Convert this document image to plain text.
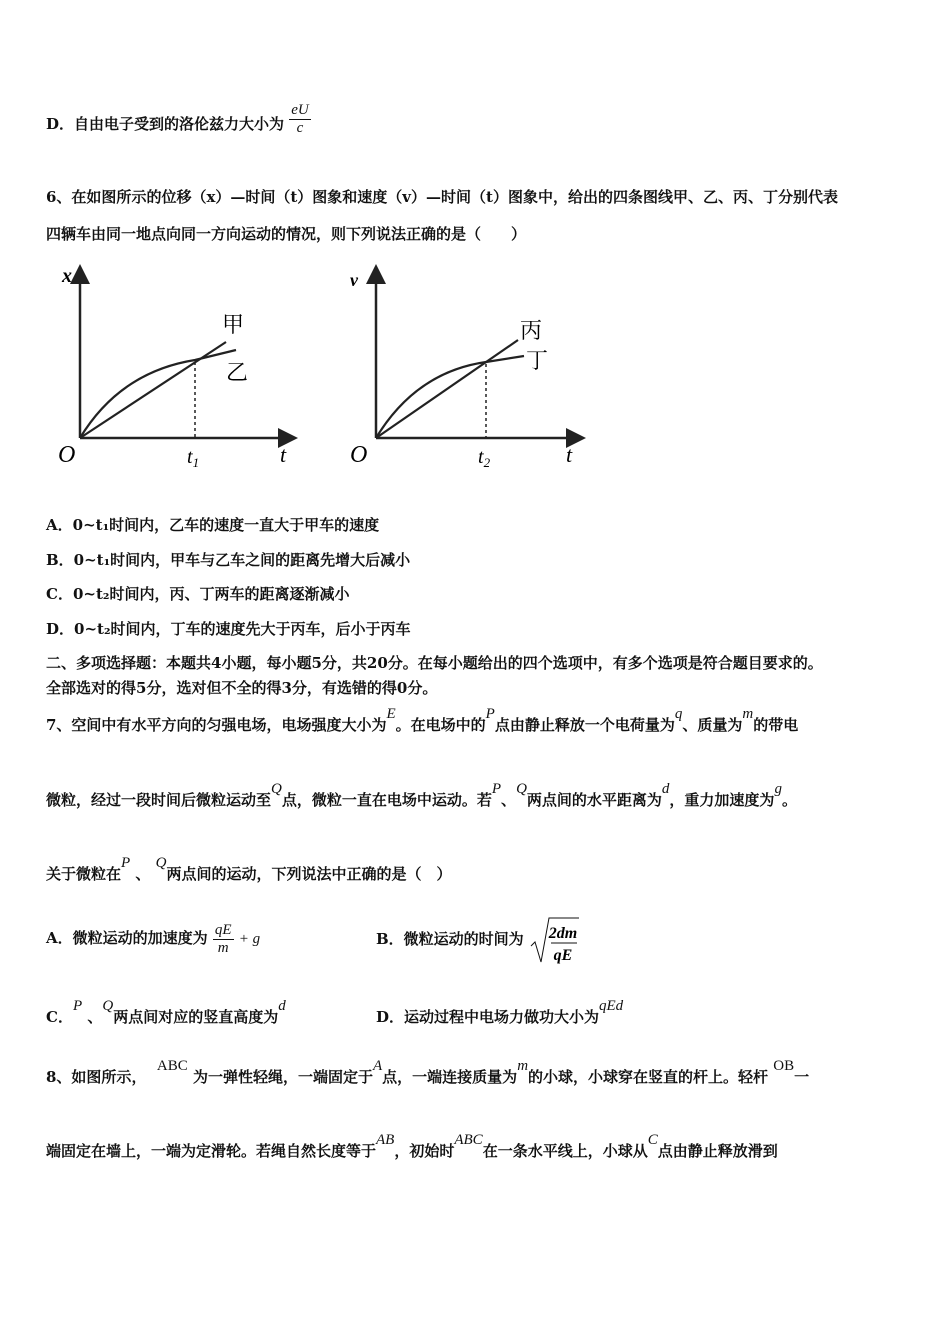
D．自由电子受到的洛伦兹力大小为 $\frac{eU}{c}$
6、在如图所示的位移（x）—时间（t）图象和速度（v）—时间（t）图象中，给出的四条图线甲、乙、丙、丁分别代表
四辆车由同一地点向同一方向运动的情况，则下列说法正确的是（　　）
x
t
O	$t_1$
甲
乙
v
t
O	$t_2$
丙
丁
A．0~t₁时间内，乙车的速度一直大于甲车的速度
B．0~t₁时间内，甲车与乙车之间的距离先增大后减小
C．0~t₂时间内，丙、丁两车的距离逐渐减小
D．0~t₂时间内，丁车的速度先大于丙车，后小于丙车
二、多项选择题：本题共4小题，每小题5分，共20分。在每小题给出的四个选项中，有多个选项是符合题目要求的。
全部选对的得5分，选对但不全的得3分，有选错的得0分。
7、空间中有水平方向的匀强电场，电场强度大小为E。在电场中的P点由静止释放一个电荷量为q、质量为m的带电
微粒，经过一段时间后微粒运动至Q点，微粒一直在电场中运动。若P、Q两点间的水平距离为d，重力加速度为g。
关于微粒在P 、 Q两点间的运动，下列说法中正确的是（　）
A．微粒运动的加速度为 $\frac{qE}{m} + g$	B．微粒运动的时间为 2dm
qE
C．P 、Q两点间对应的竖直高度为d
D．运动过程中电场力做功大小为qEd
8、如图所示，  ABC 为一弹性轻绳，一端固定于A点，一端连接质量为m的小球，小球穿在竖直的杆上。轻杆 OB一
端固定在墙上，一端为定滑轮。若绳自然长度等于AB，初始时ABC在一条水平线上，小球从C点由静止释放滑到
